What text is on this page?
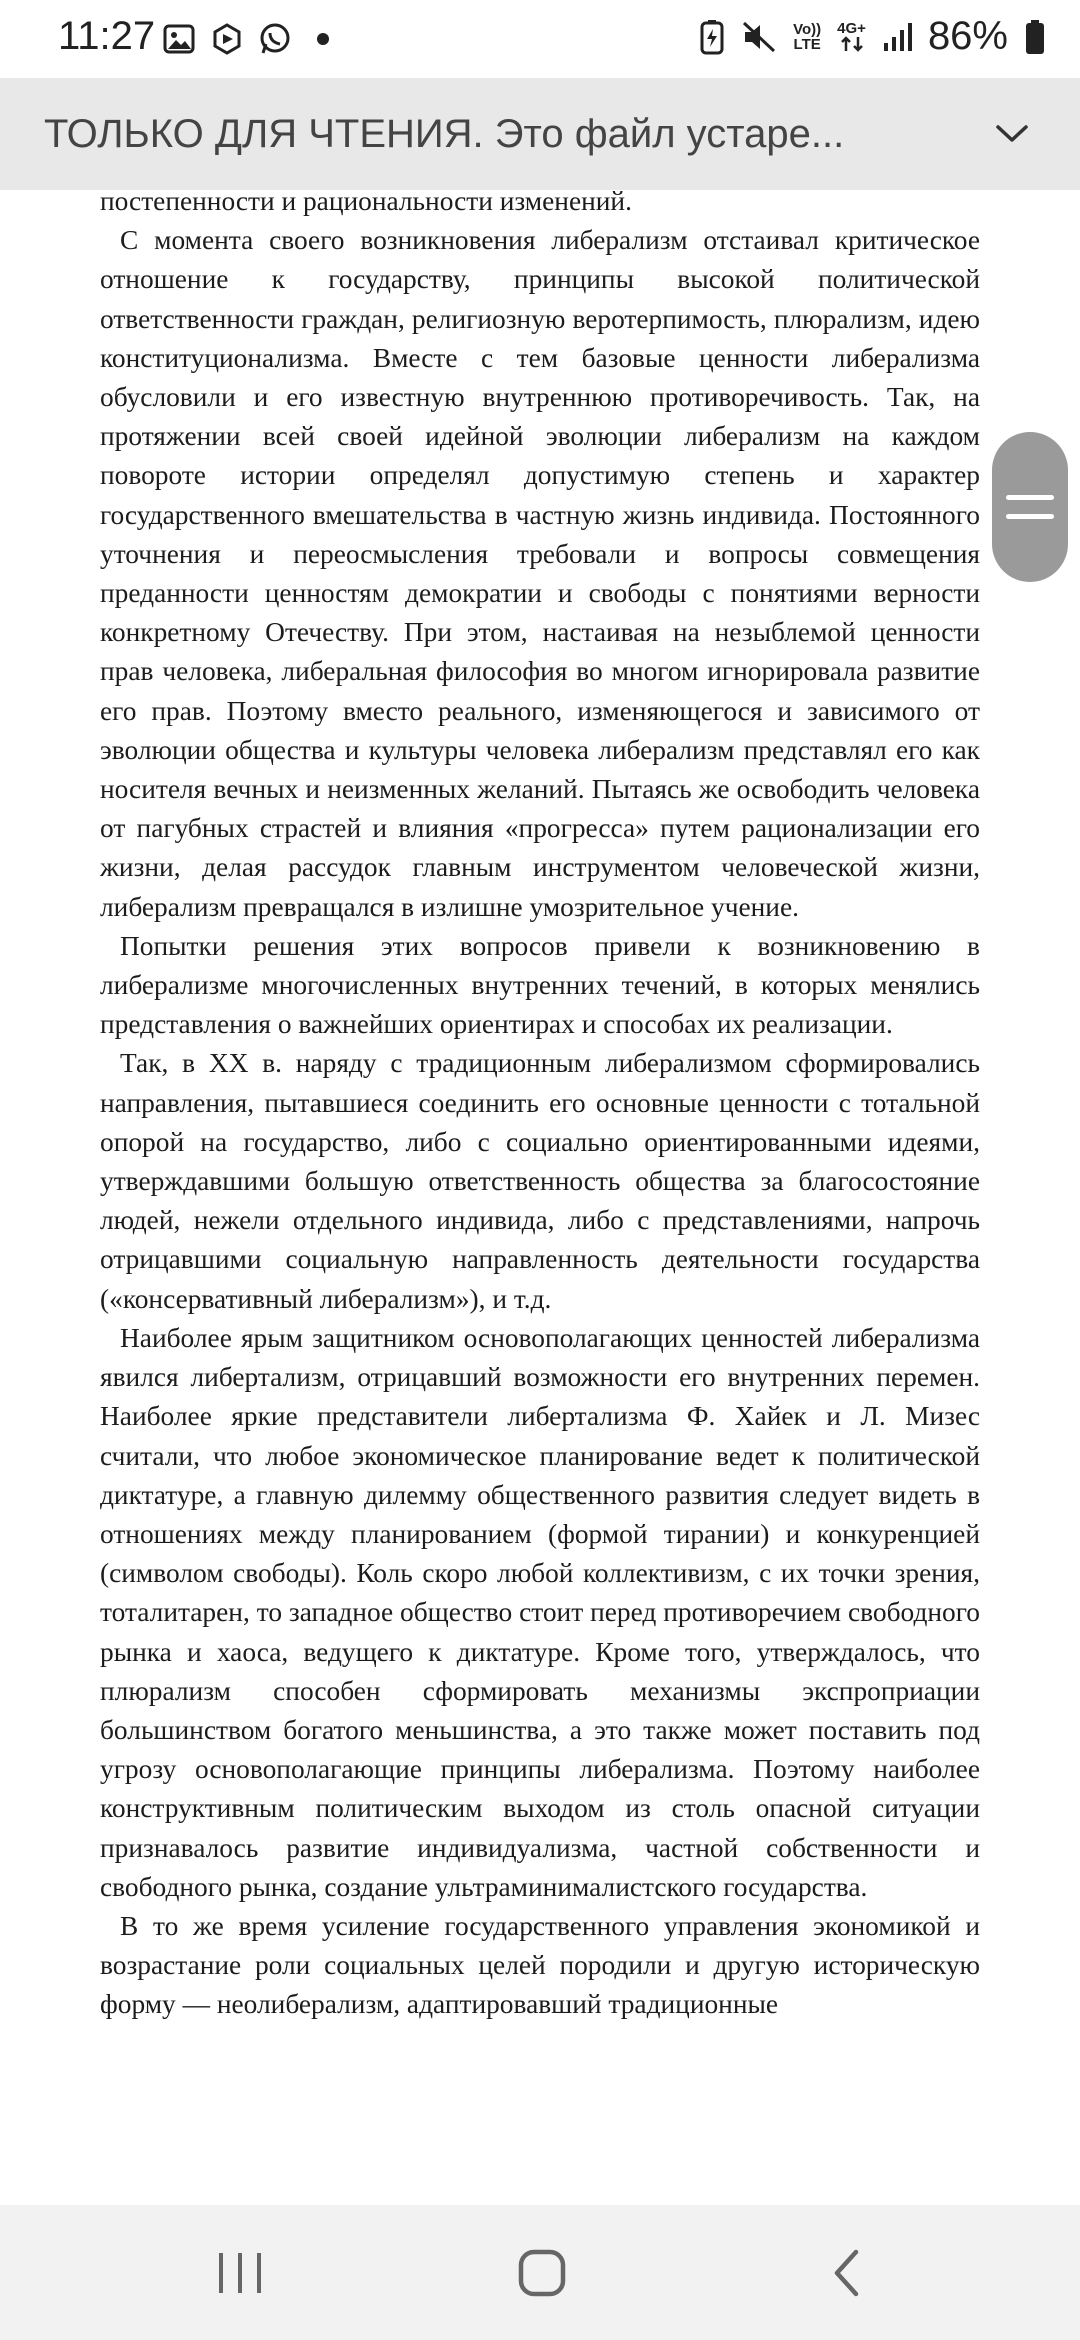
11:27	Vo))
LTE
4G+ 86%
ТОЛЬКО ДЛЯ ЧТЕНИЯ. Это файл устаре...

постепенности и рациональности изменений.

С момента своего возникновения либерализм отстаивал критическое отношение к государству, принципы высокой политической ответственности граждан, религиозную веротерпимость, плюрализм, идею конституционализма. Вместе с тем базовые ценности либерализма обусловили и его известную внутреннюю противоречивость. Так, на протяжении всей своей идейной эволюции либерализм на каждом повороте истории определял допустимую степень и характер государственного вмешательства в частную жизнь индивида. Постоянного уточнения и переосмысления требовали и вопросы совмещения преданности ценностям демократии и свободы с понятиями верности конкретному Отечеству. При этом, настаивая на незыблемой ценности прав человека, либеральная философия во многом игнорировала развитие его прав. Поэтому вместо реального, изменяющегося и зависимого от эволюции общества и культуры человека либерализм представлял его как носителя вечных и неизменных желаний. Пытаясь же освободить человека от пагубных страстей и влияния «прогресса» путем рационализации его жизни, делая рассудок главным инструментом человеческой жизни, либерализм превращался в излишне умозрительное учение.

Попытки решения этих вопросов привели к возникновению в либерализме многочисленных внутренних течений, в которых менялись представления о важнейших ориентирах и способах их реализации.

Так, в XX в. наряду с традиционным либерализмом сформировались направления, пытавшиеся соединить его основные ценности с тотальной опорой на государство, либо с социально ориентированными идеями, утверждавшими большую ответственность общества за благосостояние людей, нежели отдельного индивида, либо с представлениями, напрочь отрицавшими социальную направленность деятельности государства («консервативный либерализм»), и т.д.

Наиболее ярым защитником основополагающих ценностей либерализма явился либертализм, отрицавший возможности его внутренних перемен. Наиболее яркие представители либертализма Ф. Хайек и Л. Мизес считали, что любое экономическое планирование ведет к политической диктатуре, а главную дилемму общественного развития следует видеть в отношениях между планированием (формой тирании) и конкуренцией (символом свободы). Коль скоро любой коллективизм, с их точки зрения, тоталитарен, то западное общество стоит перед противоречием свободного рынка и хаоса, ведущего к диктатуре. Кроме того, утверждалось, что плюрализм способен сформировать механизмы экспроприации большинством богатого меньшинства, а это также может поставить под угрозу основополагающие принципы либерализма. Поэтому наиболее конструктивным политическим выходом из столь опасной ситуации признавалось развитие индивидуализма, частной собственности и свободного рынка, создание ультраминималистского государства.

В то же время усиление государственного управления экономикой и возрастание роли социальных целей породили и другую историческую форму — неолиберализм, адаптировавший традиционные
